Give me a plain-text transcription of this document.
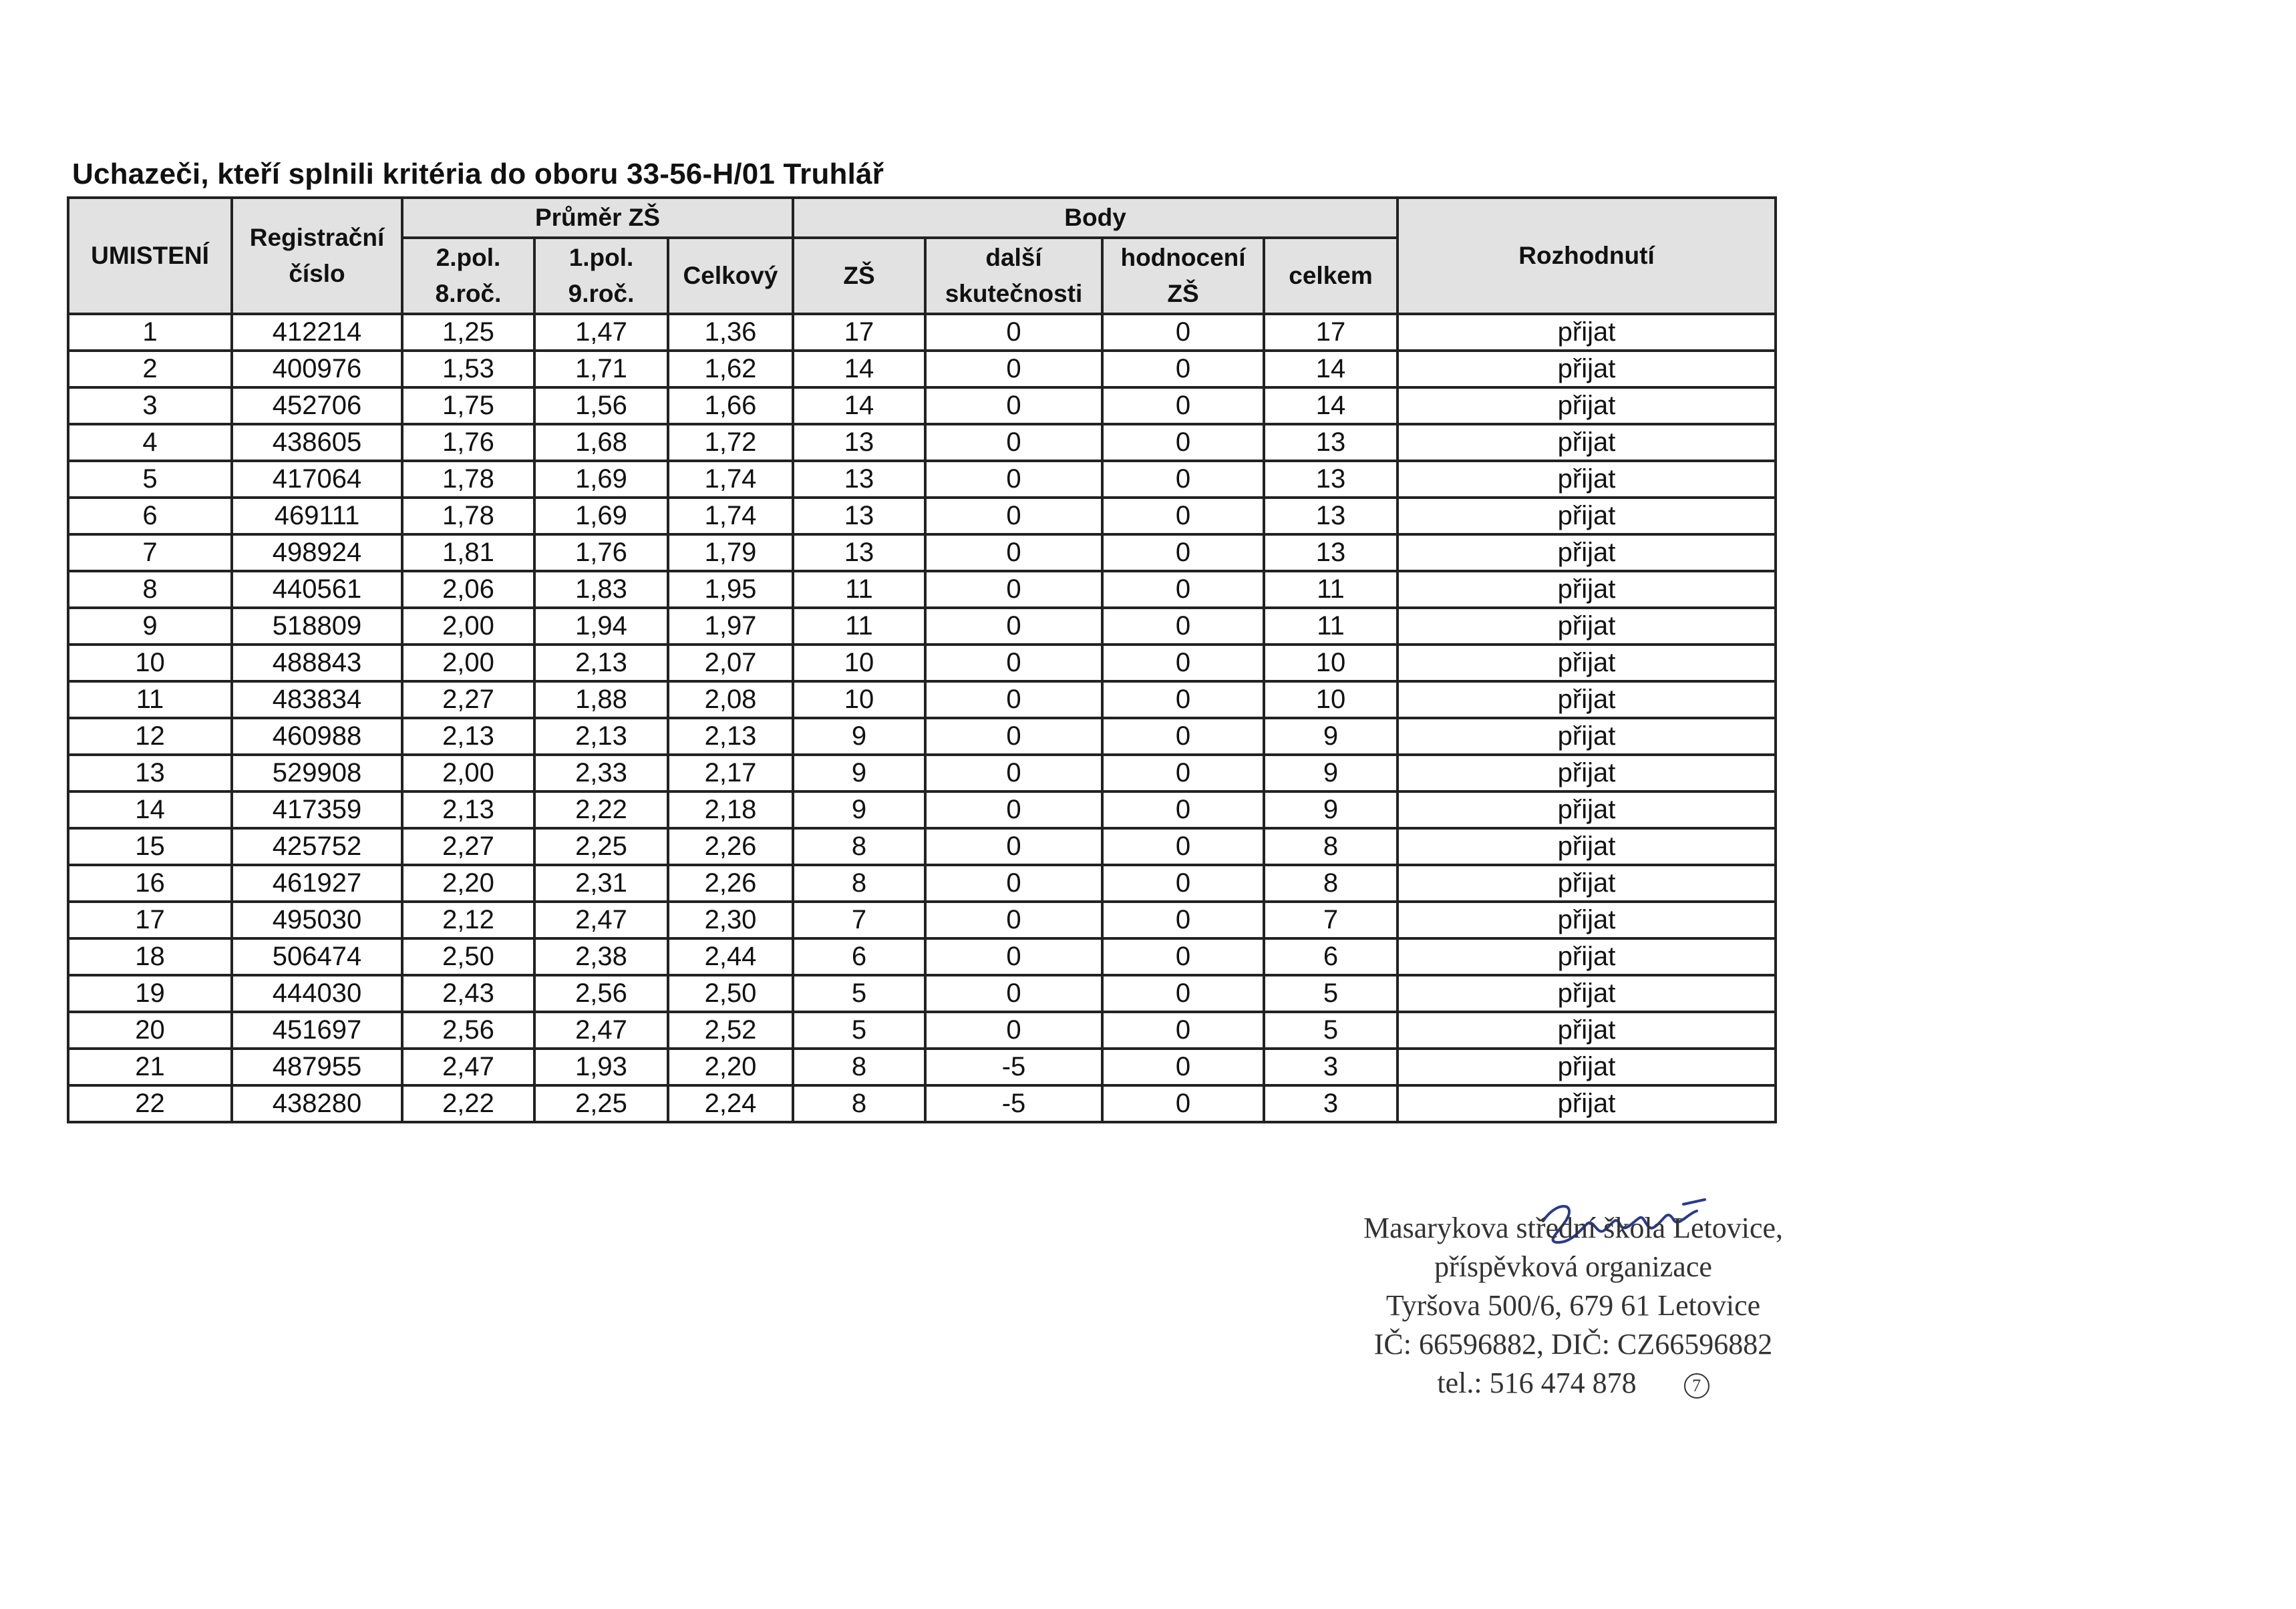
Uchazeči, kteří splnili kritéria do oboru 33-56-H/01 Truhlář
UMISTENÍ	Registrační číslo	Průměr ZŠ			Body				Rozhodnutí
		2.pol. 8.roč.	1.pol. 9.roč.	Celkový	ZŠ	další skutečnosti	hodnocení ZŠ	celkem	
1	412214	1,25	1,47	1,36	17	0	0	17	přijat
2	400976	1,53	1,71	1,62	14	0	0	14	přijat
3	452706	1,75	1,56	1,66	14	0	0	14	přijat
4	438605	1,76	1,68	1,72	13	0	0	13	přijat
5	417064	1,78	1,69	1,74	13	0	0	13	přijat
6	469111	1,78	1,69	1,74	13	0	0	13	přijat
7	498924	1,81	1,76	1,79	13	0	0	13	přijat
8	440561	2,06	1,83	1,95	11	0	0	11	přijat
9	518809	2,00	1,94	1,97	11	0	0	11	přijat
10	488843	2,00	2,13	2,07	10	0	0	10	přijat
11	483834	2,27	1,88	2,08	10	0	0	10	přijat
12	460988	2,13	2,13	2,13	9	0	0	9	přijat
13	529908	2,00	2,33	2,17	9	0	0	9	přijat
14	417359	2,13	2,22	2,18	9	0	0	9	přijat
15	425752	2,27	2,25	2,26	8	0	0	8	přijat
16	461927	2,20	2,31	2,26	8	0	0	8	přijat
17	495030	2,12	2,47	2,30	7	0	0	7	přijat
18	506474	2,50	2,38	2,44	6	0	0	6	přijat
19	444030	2,43	2,56	2,50	5	0	0	5	přijat
20	451697	2,56	2,47	2,52	5	0	0	5	přijat
21	487955	2,47	1,93	2,20	8	-5	0	3	přijat
22	438280	2,22	2,25	2,24	8	-5	0	3	přijat
Masarykova střední škola Letovice,
příspěvková organizace
Tyršova 500/6, 679 61 Letovice
IČ: 66596882, DIČ: CZ66596882
tel.: 516 474 878	7
